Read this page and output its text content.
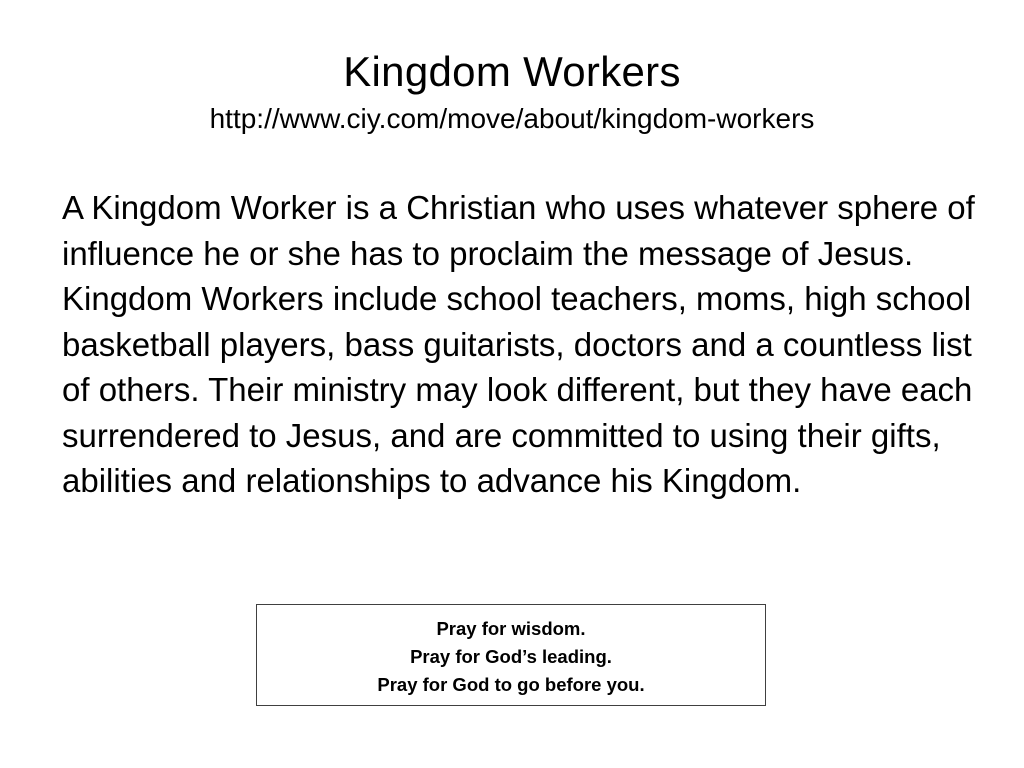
Kingdom Workers
http://www.ciy.com/move/about/kingdom-workers

A Kingdom Worker is a Christian who uses whatever sphere of influence he or she has to proclaim the message of Jesus. Kingdom Workers include school teachers, moms, high school basketball players, bass guitarists, doctors and a countless list of others. Their ministry may look different, but they have each surrendered to Jesus, and are committed to using their gifts, abilities and relationships to advance his Kingdom.

Pray for wisdom.
Pray for God’s leading.
Pray for God to go before you.
